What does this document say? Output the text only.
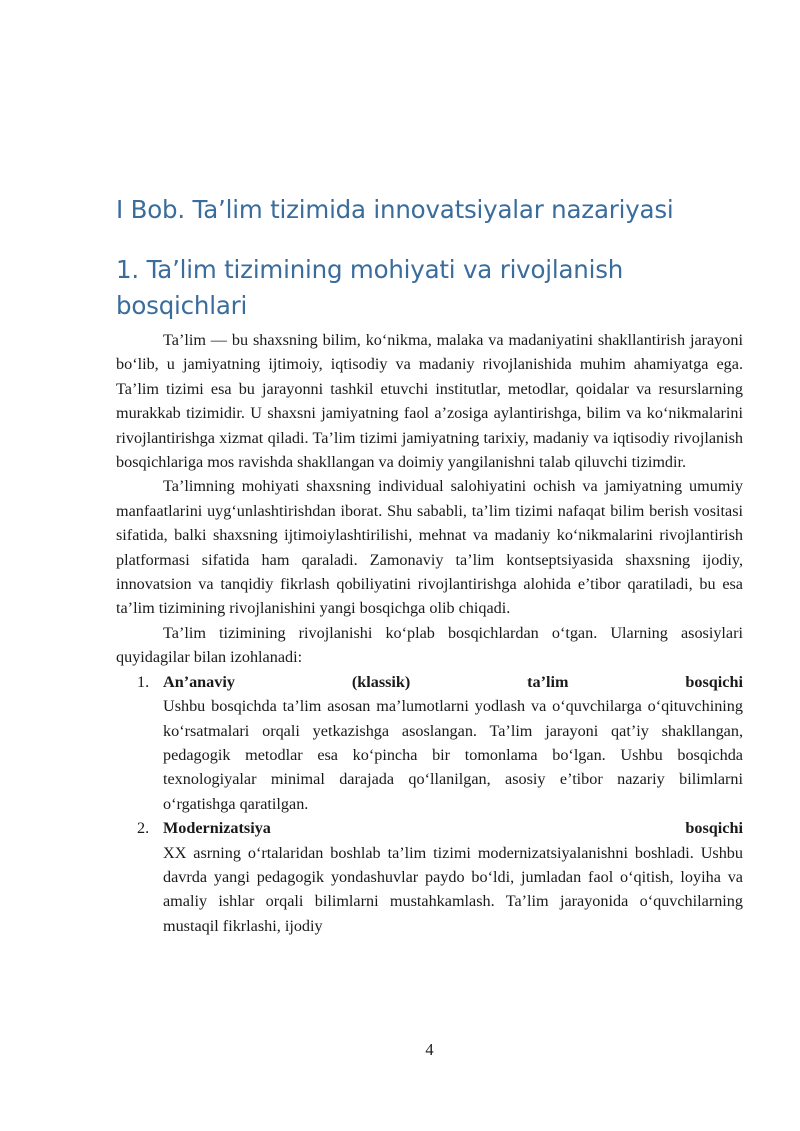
I Bob. Ta’lim tizimida innovatsiyalar nazariyasi
1. Ta’lim tizimining mohiyati va rivojlanish bosqichlari

Ta’lim — bu shaxsning bilim, ko‘nikma, malaka va madaniyatini shakllantirish jarayoni bo‘lib, u jamiyatning ijtimoiy, iqtisodiy va madaniy rivojlanishida muhim ahamiyatga ega. Ta’lim tizimi esa bu jarayonni tashkil etuvchi institutlar, metodlar, qoidalar va resurslarning murakkab tizimidir. U shaxsni jamiyatning faol a’zosiga aylantirishga, bilim va ko‘nikmalarini rivojlantirishga xizmat qiladi. Ta’lim tizimi jamiyatning tarixiy, madaniy va iqtisodiy rivojlanish bosqichlariga mos ravishda shakllangan va doimiy yangilanishni talab qiluvchi tizimdir.

Ta’limning mohiyati shaxsning individual salohiyatini ochish va jamiyatning umumiy manfaatlarini uyg‘unlashtirishdan iborat. Shu sababli, ta’lim tizimi nafaqat bilim berish vositasi sifatida, balki shaxsning ijtimoiylashtirilishi, mehnat va madaniy ko‘nikmalarini rivojlantirish platformasi sifatida ham qaraladi. Zamonaviy ta’lim kontseptsiyasida shaxsning ijodiy, innovatsion va tanqidiy fikrlash qobiliyatini rivojlantirishga alohida e’tibor qaratiladi, bu esa ta’lim tizimining rivojlanishini yangi bosqichga olib chiqadi.

Ta’lim tizimining rivojlanishi ko‘plab bosqichlardan o‘tgan. Ularning asosiylari quyidagilar bilan izohlanadi:

1. An’anaviy	(klassik)	ta’lim	bosqichi

Ushbu bosqichda ta’lim asosan ma’lumotlarni yodlash va o‘quvchilarga o‘qituvchining ko‘rsatmalari orqali yetkazishga asoslangan. Ta’lim jarayoni qat’iy shakllangan, pedagogik metodlar esa ko‘pincha bir tomonlama bo‘lgan. Ushbu bosqichda texnologiyalar minimal darajada qo‘llanilgan, asosiy e’tibor nazariy bilimlarni o‘rgatishga qaratilgan.

2. Modernizatsiya	bosqichi

XX asrning o‘rtalaridan boshlab ta’lim tizimi modernizatsiyalanishni boshladi. Ushbu davrda yangi pedagogik yondashuvlar paydo bo‘ldi, jumladan faol o‘qitish, loyiha va amaliy ishlar orqali bilimlarni mustahkamlash. Ta’lim jarayonida o‘quvchilarning mustaqil fikrlashi, ijodiy

4
